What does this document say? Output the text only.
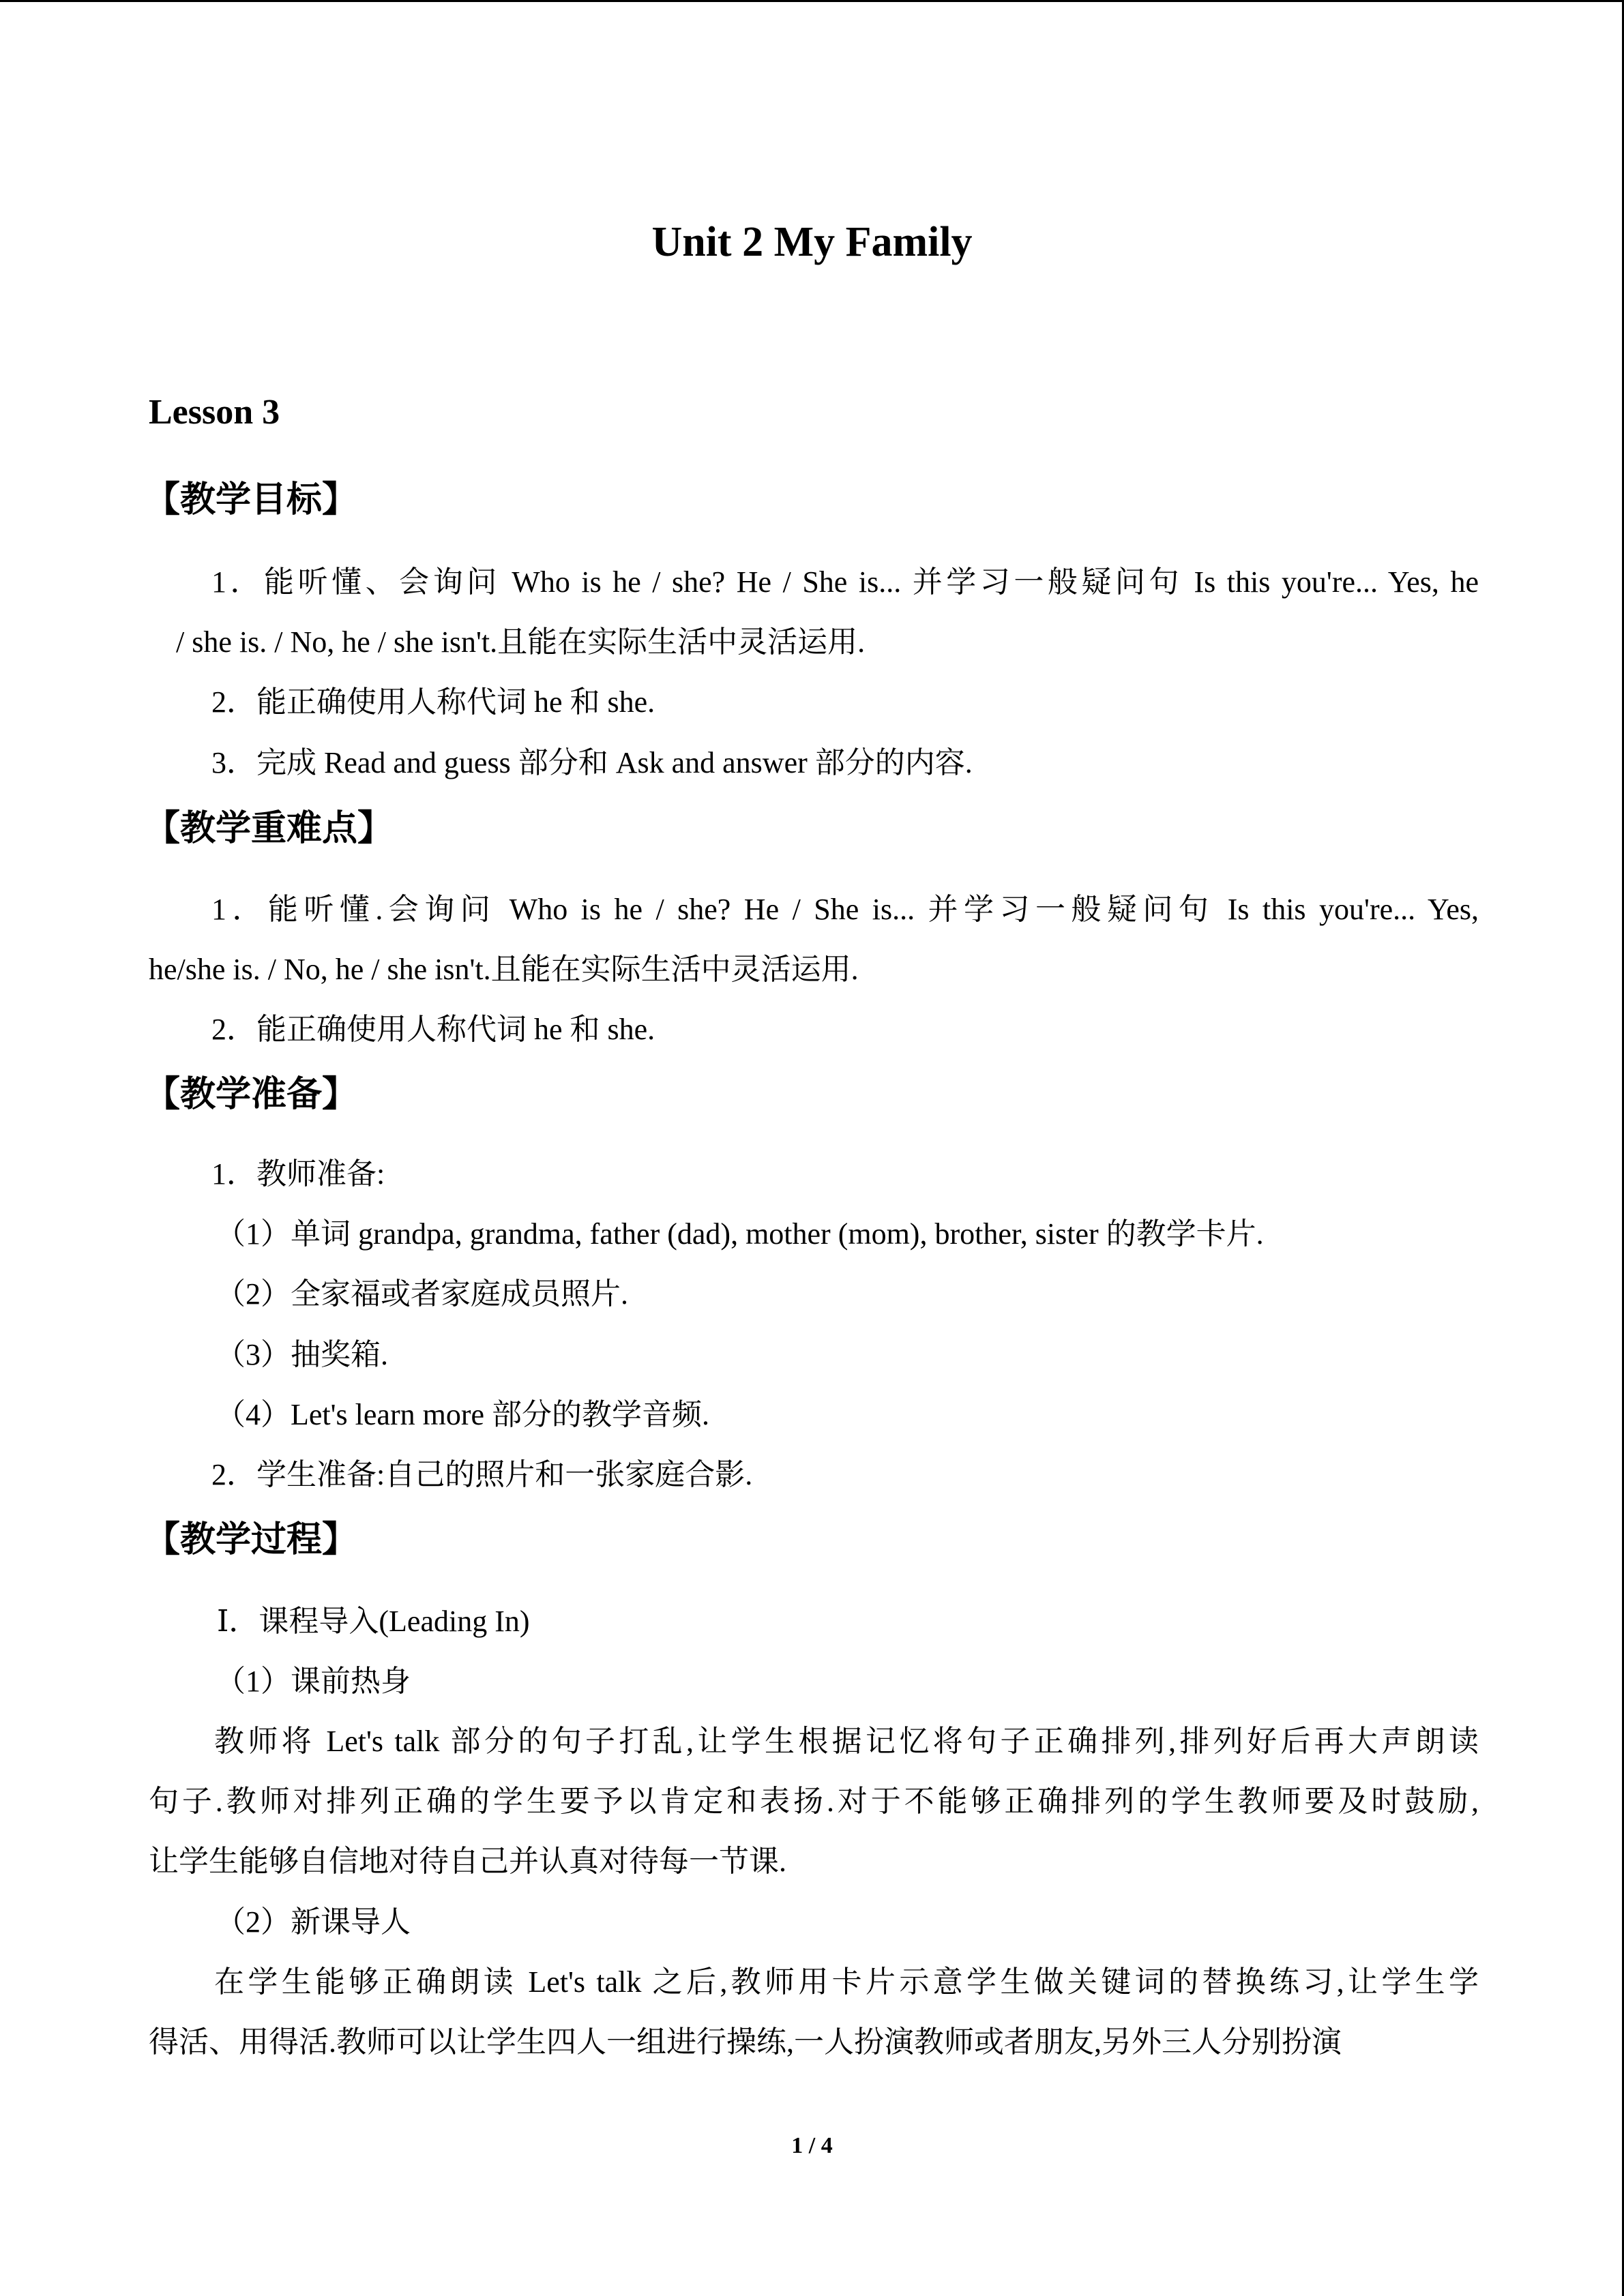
Unit 2 My Family
Lesson 3
【教学目标】
1．能听懂、会询问 Who is he / she? He / She is... 并学习一般疑问句 Is this you're... Yes, he
/ she is. / No, he / she isn't.且能在实际生活中灵活运用.
2．能正确使用人称代词 he 和 she.
3．完成 Read and guess 部分和 Ask and answer 部分的内容.
【教学重难点】
1．能听懂.会询问 Who is he / she? He / She is... 并学习一般疑问句 Is this you're... Yes,
he/she is. / No, he / she isn't.且能在实际生活中灵活运用.
2．能正确使用人称代词 he 和 she.
【教学准备】
1．教师准备:
（1）单词 grandpa, grandma, father (dad), mother (mom), brother, sister 的教学卡片.
（2）全家福或者家庭成员照片.
（3）抽奖箱.
（4）Let's learn more 部分的教学音频.
2．学生准备:自己的照片和一张家庭合影.
【教学过程】
Ⅰ．课程导入(Leading In)
（1）课前热身
教师将 Let's talk 部分的句子打乱,让学生根据记忆将句子正确排列,排列好后再大声朗读
句子.教师对排列正确的学生要予以肯定和表扬.对于不能够正确排列的学生教师要及时鼓励,
让学生能够自信地对待自己并认真对待每一节课.
（2）新课导人
在学生能够正确朗读 Let's talk 之后,教师用卡片示意学生做关键词的替换练习,让学生学
得活、用得活.教师可以让学生四人一组进行操练,一人扮演教师或者朋友,另外三人分别扮演
1 / 4
